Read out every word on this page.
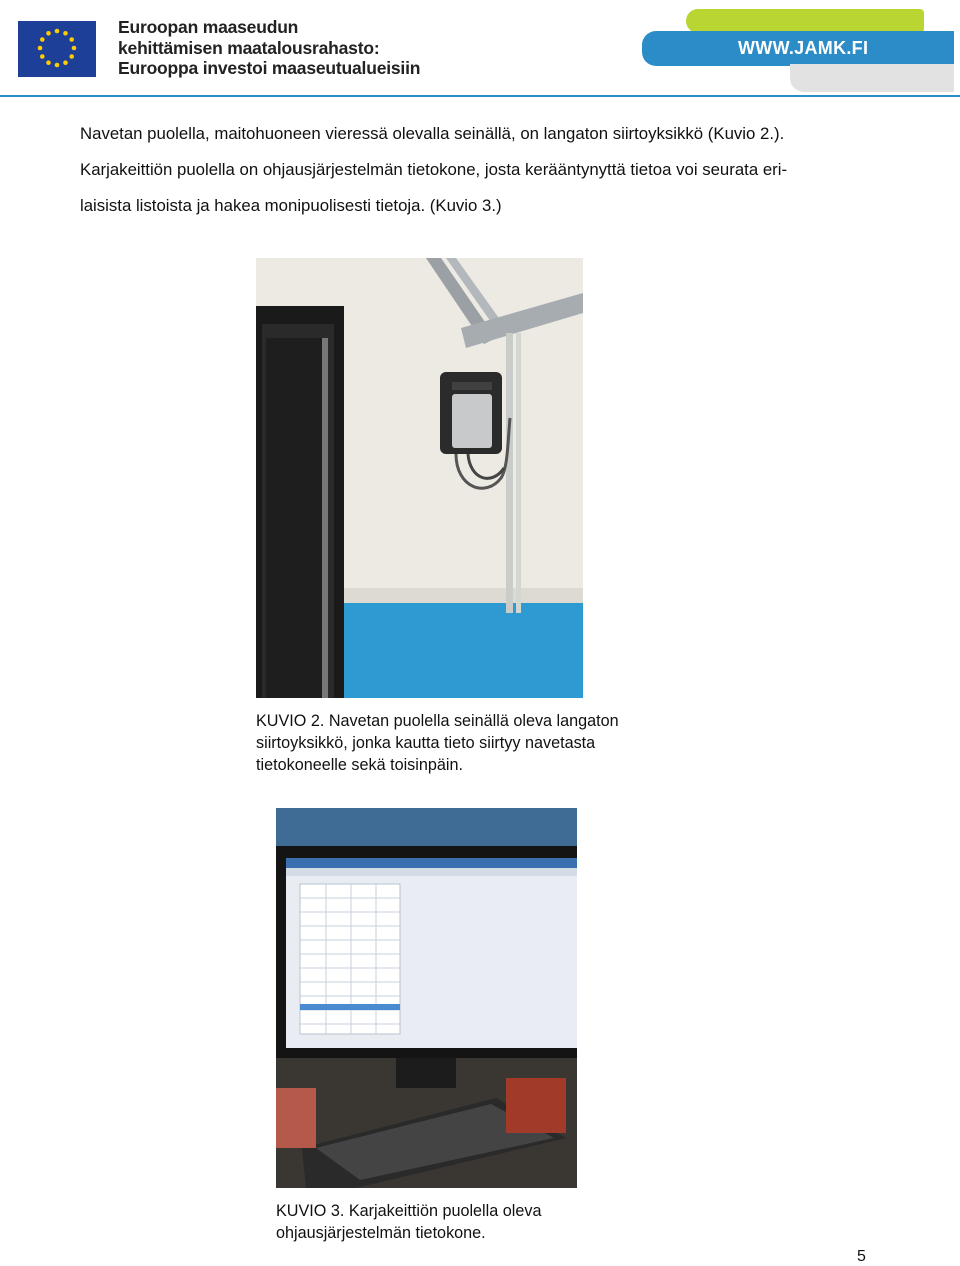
Euroopan maaseudun
kehittämisen maatalousrahasto:
Eurooppa investoi maaseutualueisiin
WWW.JAMK.FI
Navetan puolella, maitohuoneen vieressä olevalla seinällä, on langaton siirtoyksikkö (Kuvio 2.).
Karjakeittiön puolella on ohjausjärjestelmän tietokone, josta kerääntynyttä tietoa voi seurata eri-
laisista listoista ja hakea monipuolisesti tietoja. (Kuvio 3.)
KUVIO 2. Navetan puolella seinällä oleva langaton
siirtoyksikkö, jonka kautta tieto siirtyy navetasta
tietokoneelle sekä toisinpäin.
KUVIO 3. Karjakeittiön puolella oleva
ohjausjärjestelmän tietokone.
5
